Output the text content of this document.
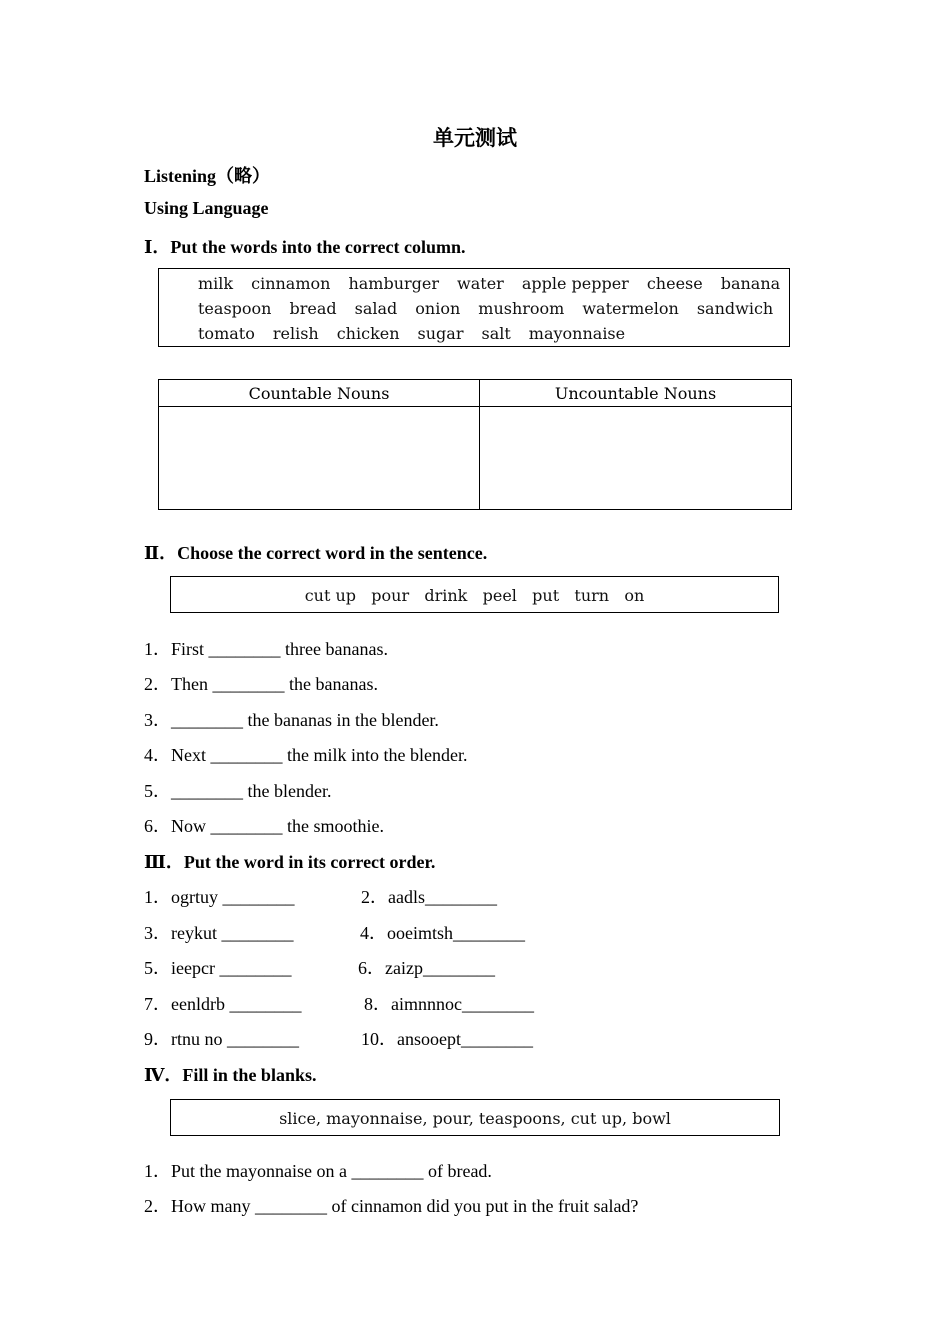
单元测试
Listening（略）
Using Language
Ⅰ．Put the words into the correct column.
milk cinnamon hamburger water apple pepper cheese banana
teaspoon bread salad onion mushroom watermelon sandwich
tomato relish chicken sugar salt mayonnaise
Countable Nouns	Uncountable Nouns

Ⅱ．Choose the correct word in the sentence.
cut up   pour   drink   peel   put   turn   on
1．First ________ three bananas.
2．Then ________ the bananas.
3．________ the bananas in the blender.
4．Next ________ the milk into the blender.
5．________ the blender.
6．Now ________ the smoothie.
Ⅲ．Put the word in its correct order.
1．ogrtuy ________	2．aadls________
3．reykut ________	4．ooeimtsh________
5．ieepcr ________	6．zaizp________
7．eenldrb ________	8．aimnnnoc________
9．rtnu no ________	10．ansooept________
Ⅳ．Fill in the blanks.
slice, mayonnaise, pour, teaspoons, cut up, bowl
1．Put the mayonnaise on a ________ of bread.
2．How many ________ of cinnamon did you put in the fruit salad?
